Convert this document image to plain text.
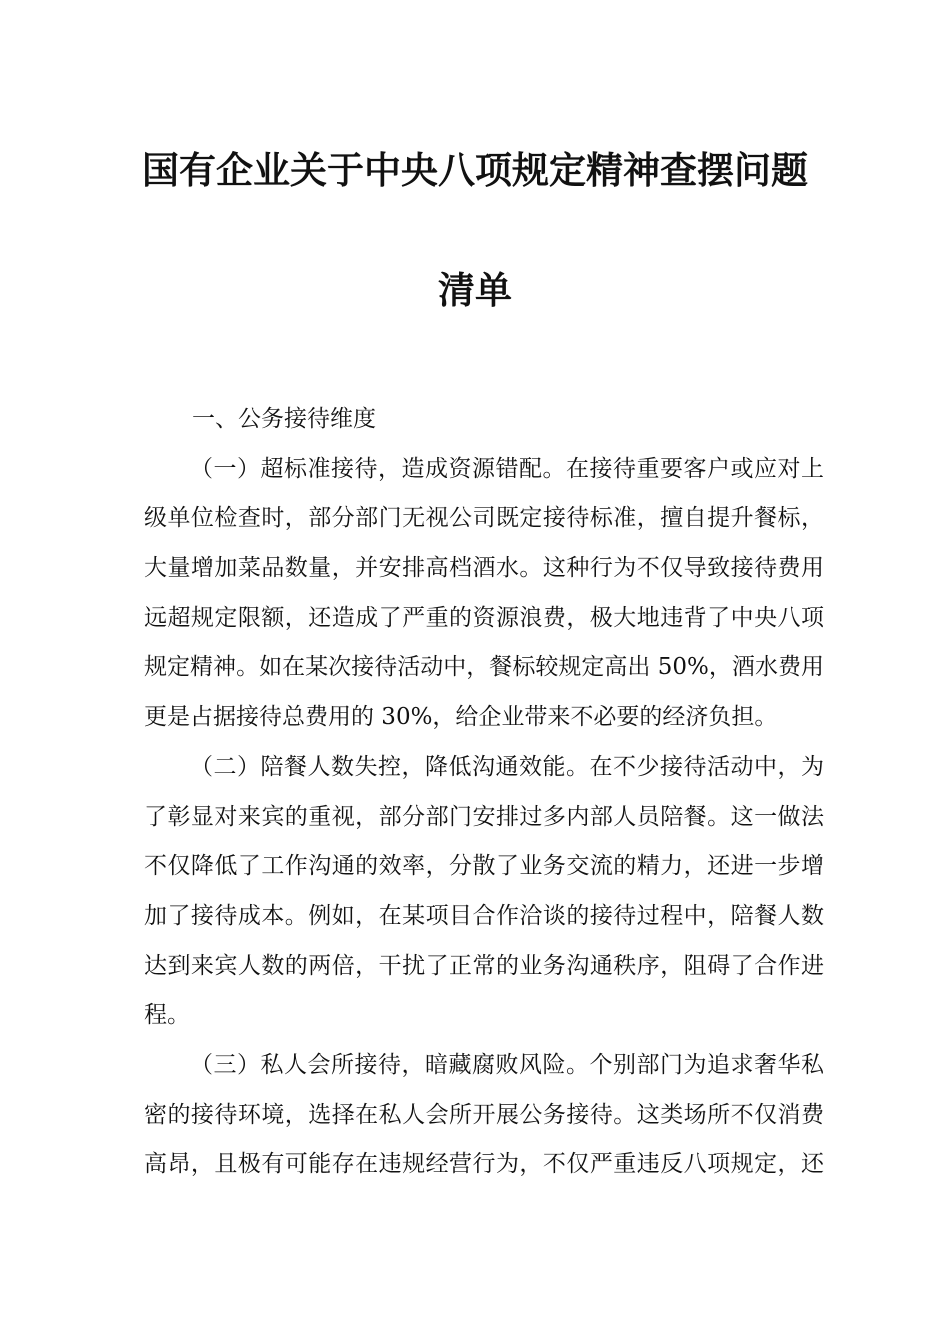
国有企业关于中央八项规定精神查摆问题
清单
一、公务接待维度
（一）超标准接待，造成资源错配。在接待重要客户或应对上
级单位检查时，部分部门无视公司既定接待标准，擅自提升餐标，
大量增加菜品数量，并安排高档酒水。这种行为不仅导致接待费用
远超规定限额，还造成了严重的资源浪费，极大地违背了中央八项
规定精神。如在某次接待活动中，餐标较规定高出 50%，酒水费用
更是占据接待总费用的 30%，给企业带来不必要的经济负担。
（二）陪餐人数失控，降低沟通效能。在不少接待活动中，为
了彰显对来宾的重视，部分部门安排过多内部人员陪餐。这一做法
不仅降低了工作沟通的效率，分散了业务交流的精力，还进一步增
加了接待成本。例如，在某项目合作洽谈的接待过程中，陪餐人数
达到来宾人数的两倍，干扰了正常的业务沟通秩序，阻碍了合作进
程。
（三）私人会所接待，暗藏腐败风险。个别部门为追求奢华私
密的接待环境，选择在私人会所开展公务接待。这类场所不仅消费
高昂，且极有可能存在违规经营行为，不仅严重违反八项规定，还
